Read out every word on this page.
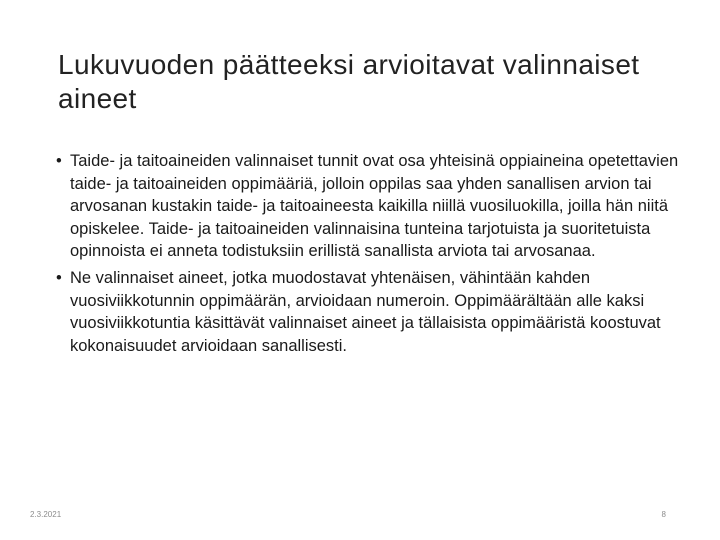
Lukuvuoden päätteeksi arvioitavat valinnaiset aineet
• Taide- ja taitoaineiden valinnaiset tunnit ovat osa yhteisinä oppiaineina opetettavien taide- ja taitoaineiden oppimääriä, jolloin oppilas saa yhden sanallisen arvion tai arvosanan kustakin taide- ja taitoaineesta kaikilla niillä vuosiluokilla, joilla hän niitä opiskelee. Taide- ja taitoaineiden valinnaisina tunteina tarjotuista ja suoritetuista opinnoista ei anneta todistuksiin erillistä sanallista arviota tai arvosanaa.
• Ne valinnaiset aineet, jotka muodostavat yhtenäisen, vähintään kahden vuosiviikkotunnin oppimäärän, arvioidaan numeroin. Oppimäärältään alle kaksi vuosiviikkotuntia käsittävät valinnaiset aineet ja tällaisista oppimääristä koostuvat kokonaisuudet arvioidaan sanallisesti.
2.3.2021	8
